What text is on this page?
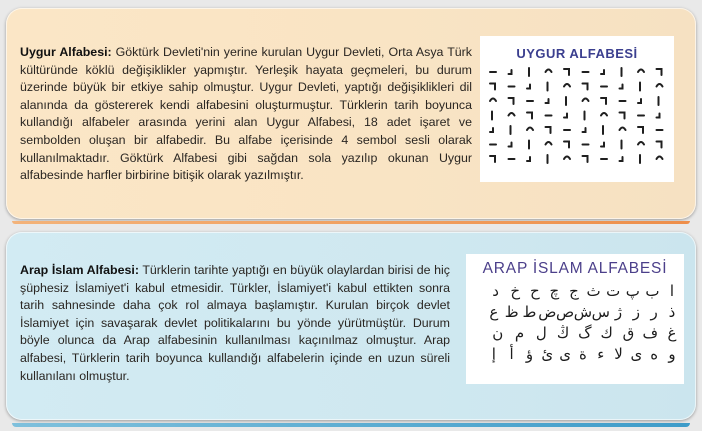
Uygur Alfabesi: Göktürk Devleti'nin yerine kurulan Uygur Devleti, Orta Asya Türk kültüründe köklü değişiklikler yapmıştır. Yerleşik hayata geçmeleri, bu durum üzerinde büyük bir etkiye sahip olmuştur. Uygur Devleti, yaptığı değişiklikleri dil alanında da göstererek kendi alfabesini oluşturmuştur. Türklerin tarih boyunca kullandığı alfabeler arasında yerini alan Uygur Alfabesi, 18 adet işaret ve sembolden oluşan bir alfabedir. Bu alfabe içerisinde 4 sembol sesli olarak kullanılmaktadır. Göktürk Alfabesi gibi sağdan sola yazılıp okunan Uygur alfabesinde harfler birbirine bitişik olarak yazılmıştır.
UYGUR ALFABESİ
Arap İslam Alfabesi: Türklerin tarihte yaptığı en büyük olaylardan birisi de hiç şüphesiz İslamiyet'i kabul etmesidir. Türkler, İslamiyet'i kabul ettikten sonra tarih sahnesinde daha çok rol almaya başlamıştır. Kurulan birçok devlet İslamiyet için savaşarak devlet politikalarını bu yönde yürütmüştür. Durum böyle olunca da Arap alfabesinin kullanılması kaçınılmaz olmuştur. Arap alfabesi, Türklerin tarih boyunca kullandığı alfabelerin içinde en uzun süreli kullanılanı olmuştur.
ARAP İSLAM ALFABESİ
ا
ب
پ
ت
ث
ج
چ
ح
خ
د
ذ
ر
ز
ژ
س
ش
ص
ض
ط
ظ
ع
غ
ف
ق
ك
گ
ڭ
ل
م
ن
و
ه
ی
لا
ء
ة
ى
ئ
ؤ
أ
إ
